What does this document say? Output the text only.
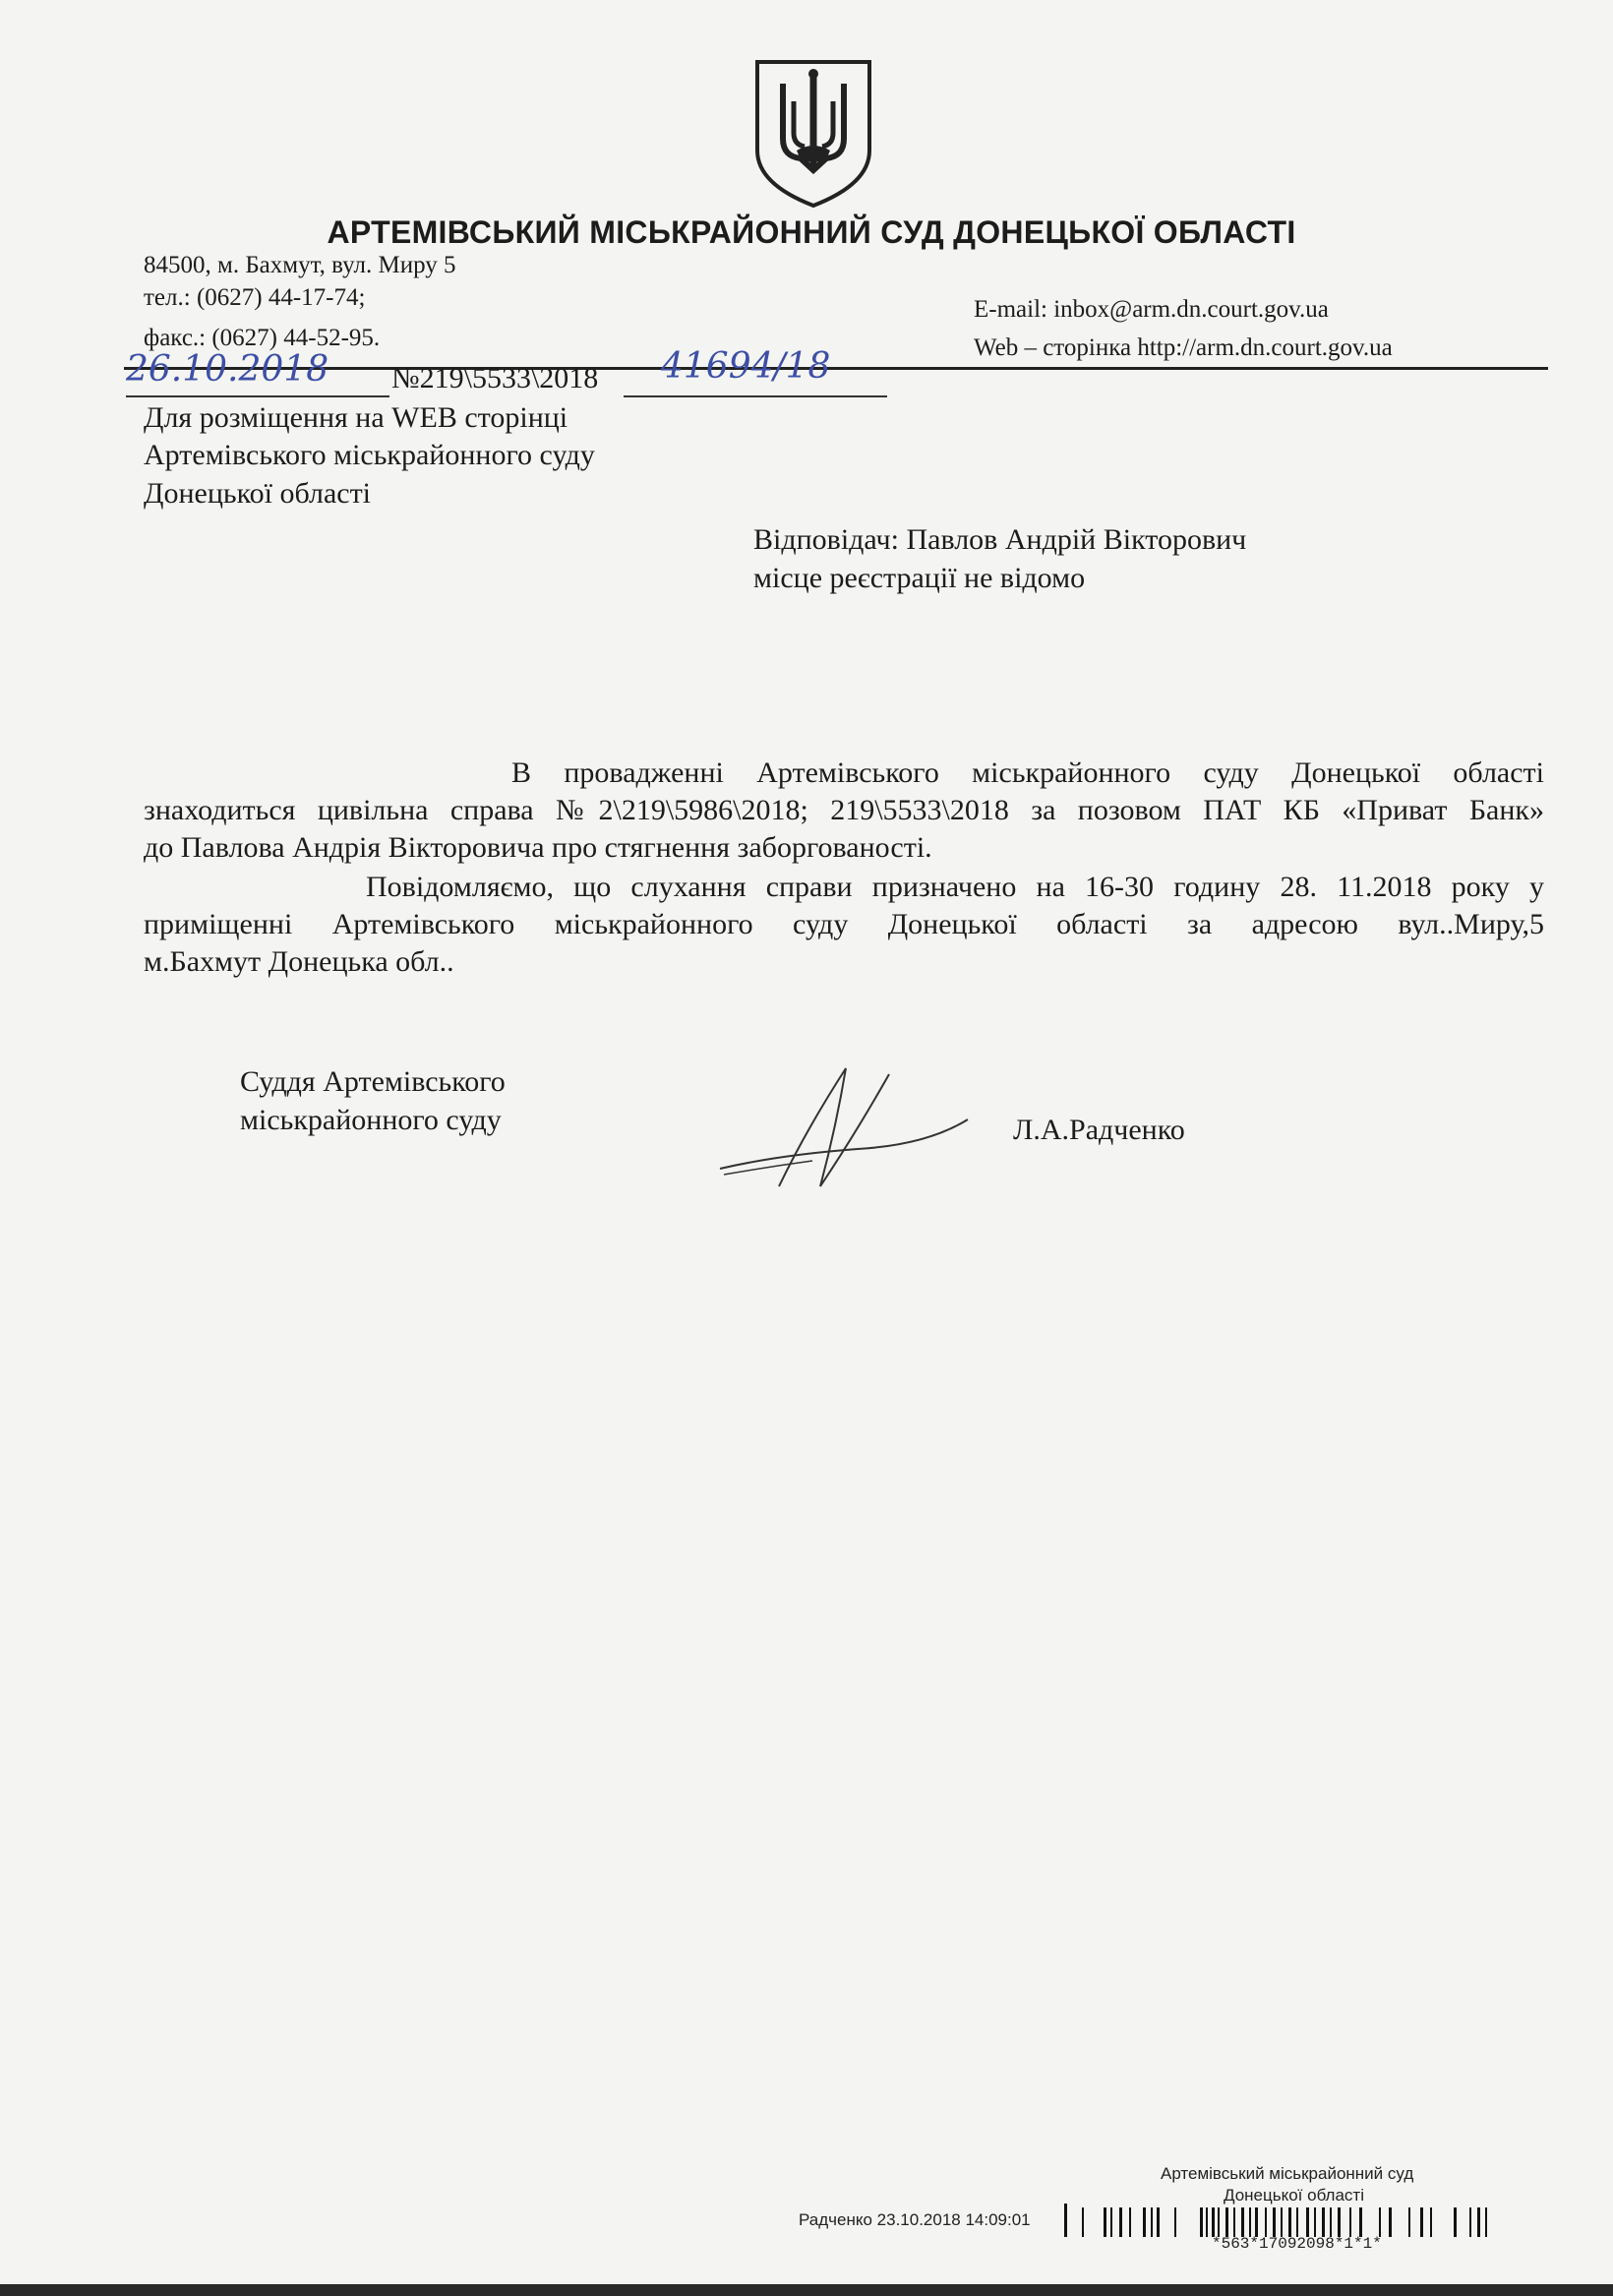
АРТЕМІВСЬКИЙ МІСЬКРАЙОННИЙ СУД ДОНЕЦЬКОЇ ОБЛАСТІ
84500, м. Бахмут, вул. Миру 5
тел.: (0627) 44-17-74;
факс.: (0627) 44-52-95.
E-mail: inbox@arm.dn.court.gov.ua
Web – сторінка http://arm.dn.court.gov.ua
26.10.2018 №219\5533\2018 41694/18
Для розміщення на WEB сторінці
Артемівського міськрайонного суду
Донецької області
Відповідач: Павлов Андрій Вікторович
місце реєстрації не відомо
В провадженні Артемівського міськрайонного суду Донецької області
знаходиться цивільна справа №2\219\5986\2018; 219\5533\2018 за позовом ПАТ КБ «Приват Банк»
до Павлова Андрія Вікторовича про стягнення заборгованості.
Повідомляємо, що слухання справи призначено на 16-30 годину 28. 11.2018 року у
приміщенні Артемівського міськрайонного суду Донецької області за адресою вул..Миру,5
м.Бахмут Донецька обл..
Суддя Артемівського
міськрайонного суду	Л.А.Радченко
Артемівський міськрайонний суд
Донецької області
Радченко 23.10.2018 14:09:01
*563*17092098*1*1*
